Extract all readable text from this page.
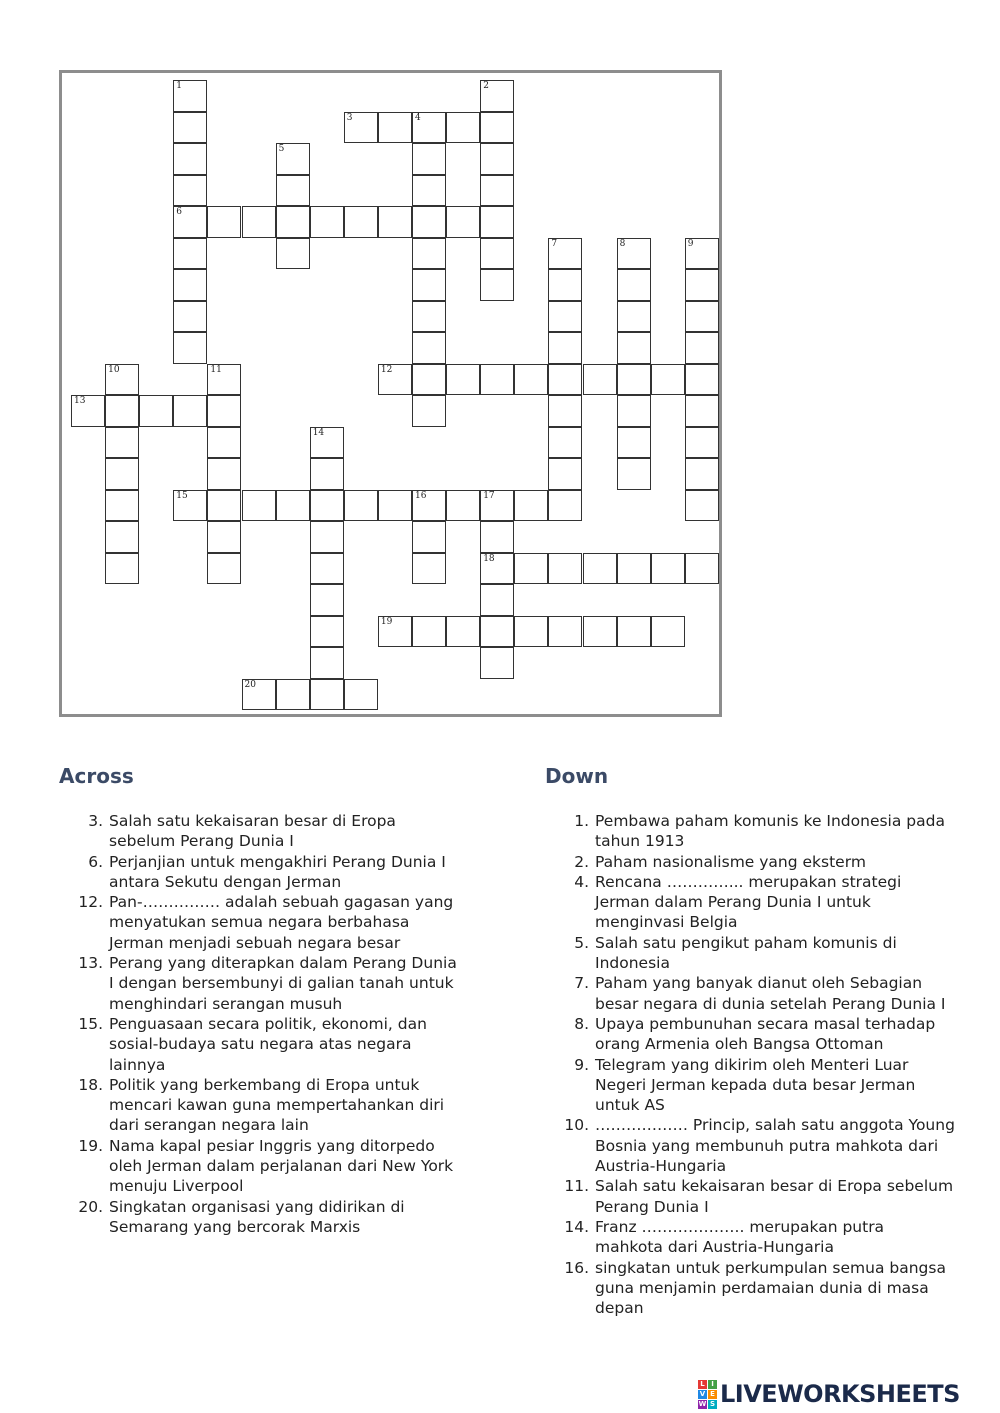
1
6
2
3	4
5
7	8	9
10	11	12
13
14
15	16	17
18
19
20
Across
3. Salah satu kekaisaran besar di Eropa sebelum Perang Dunia I
6. Perjanjian untuk mengakhiri Perang Dunia I antara Sekutu dengan Jerman
12. Pan-…………… adalah sebuah gagasan yang menyatukan semua negara berbahasa Jerman menjadi sebuah negara besar
13. Perang yang diterapkan dalam Perang Dunia I dengan bersembunyi di galian tanah untuk menghindari serangan musuh
15. Penguasaan secara politik, ekonomi, dan sosial-budaya satu negara atas negara lainnya
18. Politik yang berkembang di Eropa untuk mencari kawan guna mempertahankan diri dari serangan negara lain
19. Nama kapal pesiar Inggris yang ditorpedo oleh Jerman dalam perjalanan dari New York menuju Liverpool
20. Singkatan organisasi yang didirikan di Semarang yang bercorak Marxis
Down
1. Pembawa paham komunis ke Indonesia pada tahun 1913
2. Paham nasionalisme yang eksterm
4. Rencana …………... merupakan strategi Jerman dalam Perang Dunia I untuk menginvasi Belgia
5. Salah satu pengikut paham komunis di Indonesia
7. Paham yang banyak dianut oleh Sebagian besar negara di dunia setelah Perang Dunia I
8. Upaya pembunuhan secara masal terhadap orang Armenia oleh Bangsa Ottoman
9. Telegram yang dikirim oleh Menteri Luar Negeri Jerman kepada duta besar Jerman untuk AS
10. ……………… Princip, salah satu anggota Young Bosnia yang membunuh putra mahkota dari Austria-Hungaria
11. Salah satu kekaisaran besar di Eropa sebelum Perang Dunia I
14. Franz ……………….. merupakan putra mahkota dari Austria-Hungaria
16. singkatan untuk perkumpulan semua bangsa guna menjamin perdamaian dunia di masa depan
L I
V E
W S LIVEWORKSHEETS
